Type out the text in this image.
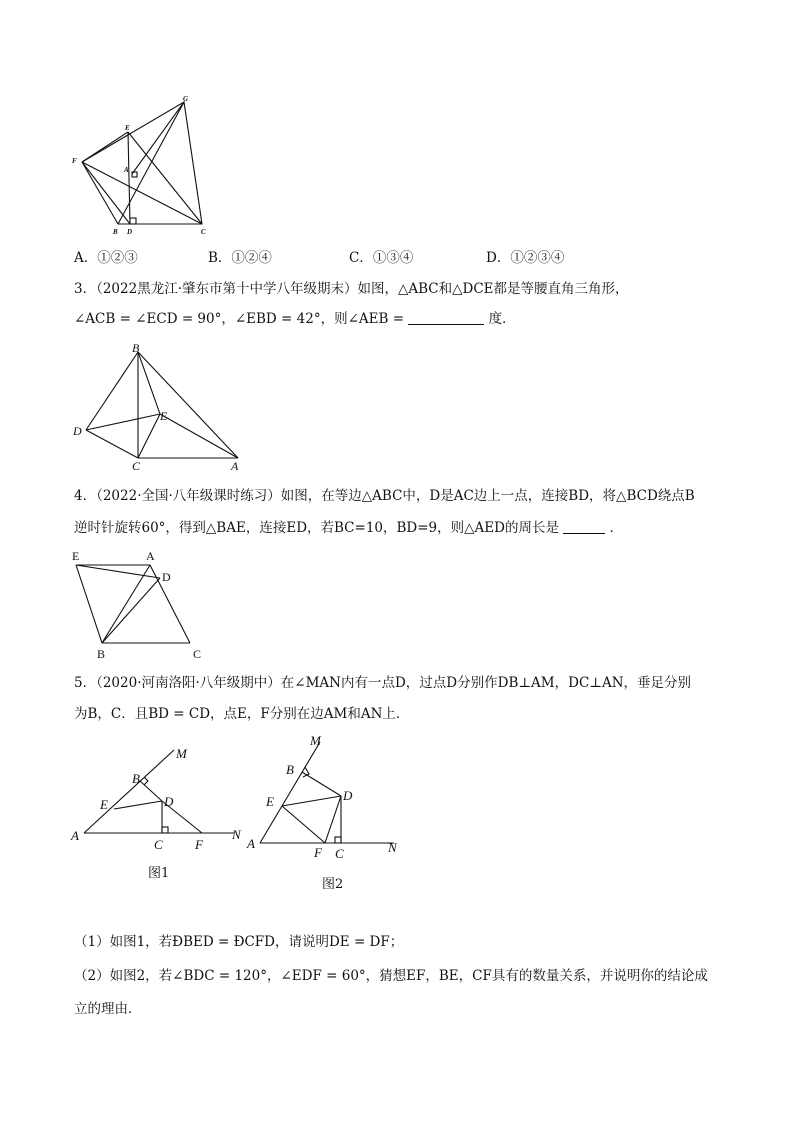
G
E
F
A
B D	C
A．①②③	B．①②④	C．①③④	D．①②③④
3．（2022黑龙江·肇东市第十中学八年级期末）如图，△ABC和△DCE都是等腰直角三角形，
∠ACB = ∠ECD = 90°，∠EBD = 42°，则∠AEB =	度．
B
D
E
C	A
4．（2022·全国·八年级课时练习）如图，在等边△ABC中，D是AC边上一点，连接BD，将△BCD绕点B
逆时针旋转60°，得到△BAE，连接ED，若BC=10，BD=9，则△AED的周长是	．
E	A
D
B	C
5．（2020·河南洛阳·八年级期中）在∠MAN内有一点D，过点D分别作DB⊥AM，DC⊥AN，垂足分别
为B，C．且BD = CD，点E，F分别在边AM和AN上．
M
B
D
E
A
C F
N
图1
M
B
D
E
A
F C	N
图2
（1）如图1，若ÐBED = ÐCFD，请说明DE = DF；
（2）如图2，若∠BDC = 120°，∠EDF = 60°，猜想EF，BE，CF具有的数量关系，并说明你的结论成
立的理由．
